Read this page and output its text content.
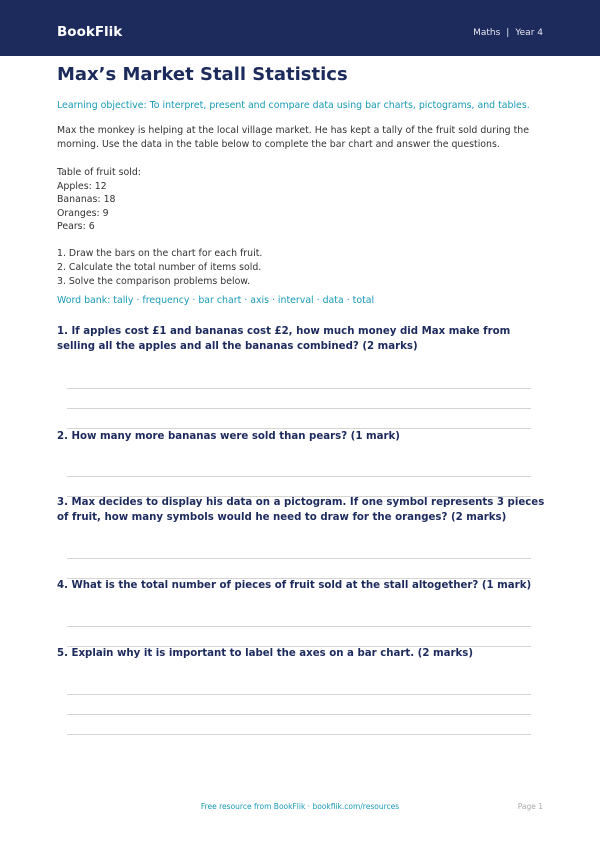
BookFlik	Maths | Year 4
Max’s Market Stall Statistics
Learning objective: To interpret, present and compare data using bar charts, pictograms, and tables.

Max the monkey is helping at the local village market. He has kept a tally of the fruit sold during the morning. Use the data in the table below to complete the bar chart and answer the questions.

Table of fruit sold:
Apples: 12
Bananas: 18
Oranges: 9
Pears: 6
1. Draw the bars on the chart for each fruit.
2. Calculate the total number of items sold.
3. Solve the comparison problems below.
Word bank: tally · frequency · bar chart · axis · interval · data · total

1. If apples cost £1 and bananas cost £2, how much money did Max make from selling all the apples and all the bananas combined? (2 marks)

2. How many more bananas were sold than pears? (1 mark)

3. Max decides to display his data on a pictogram. If one symbol represents 3 pieces of fruit, how many symbols would he need to draw for the oranges? (2 marks)

4. What is the total number of pieces of fruit sold at the stall altogether? (1 mark)

5. Explain why it is important to label the axes on a bar chart. (2 marks)

Free resource from BookFlik · bookflik.com/resources	Page 1
